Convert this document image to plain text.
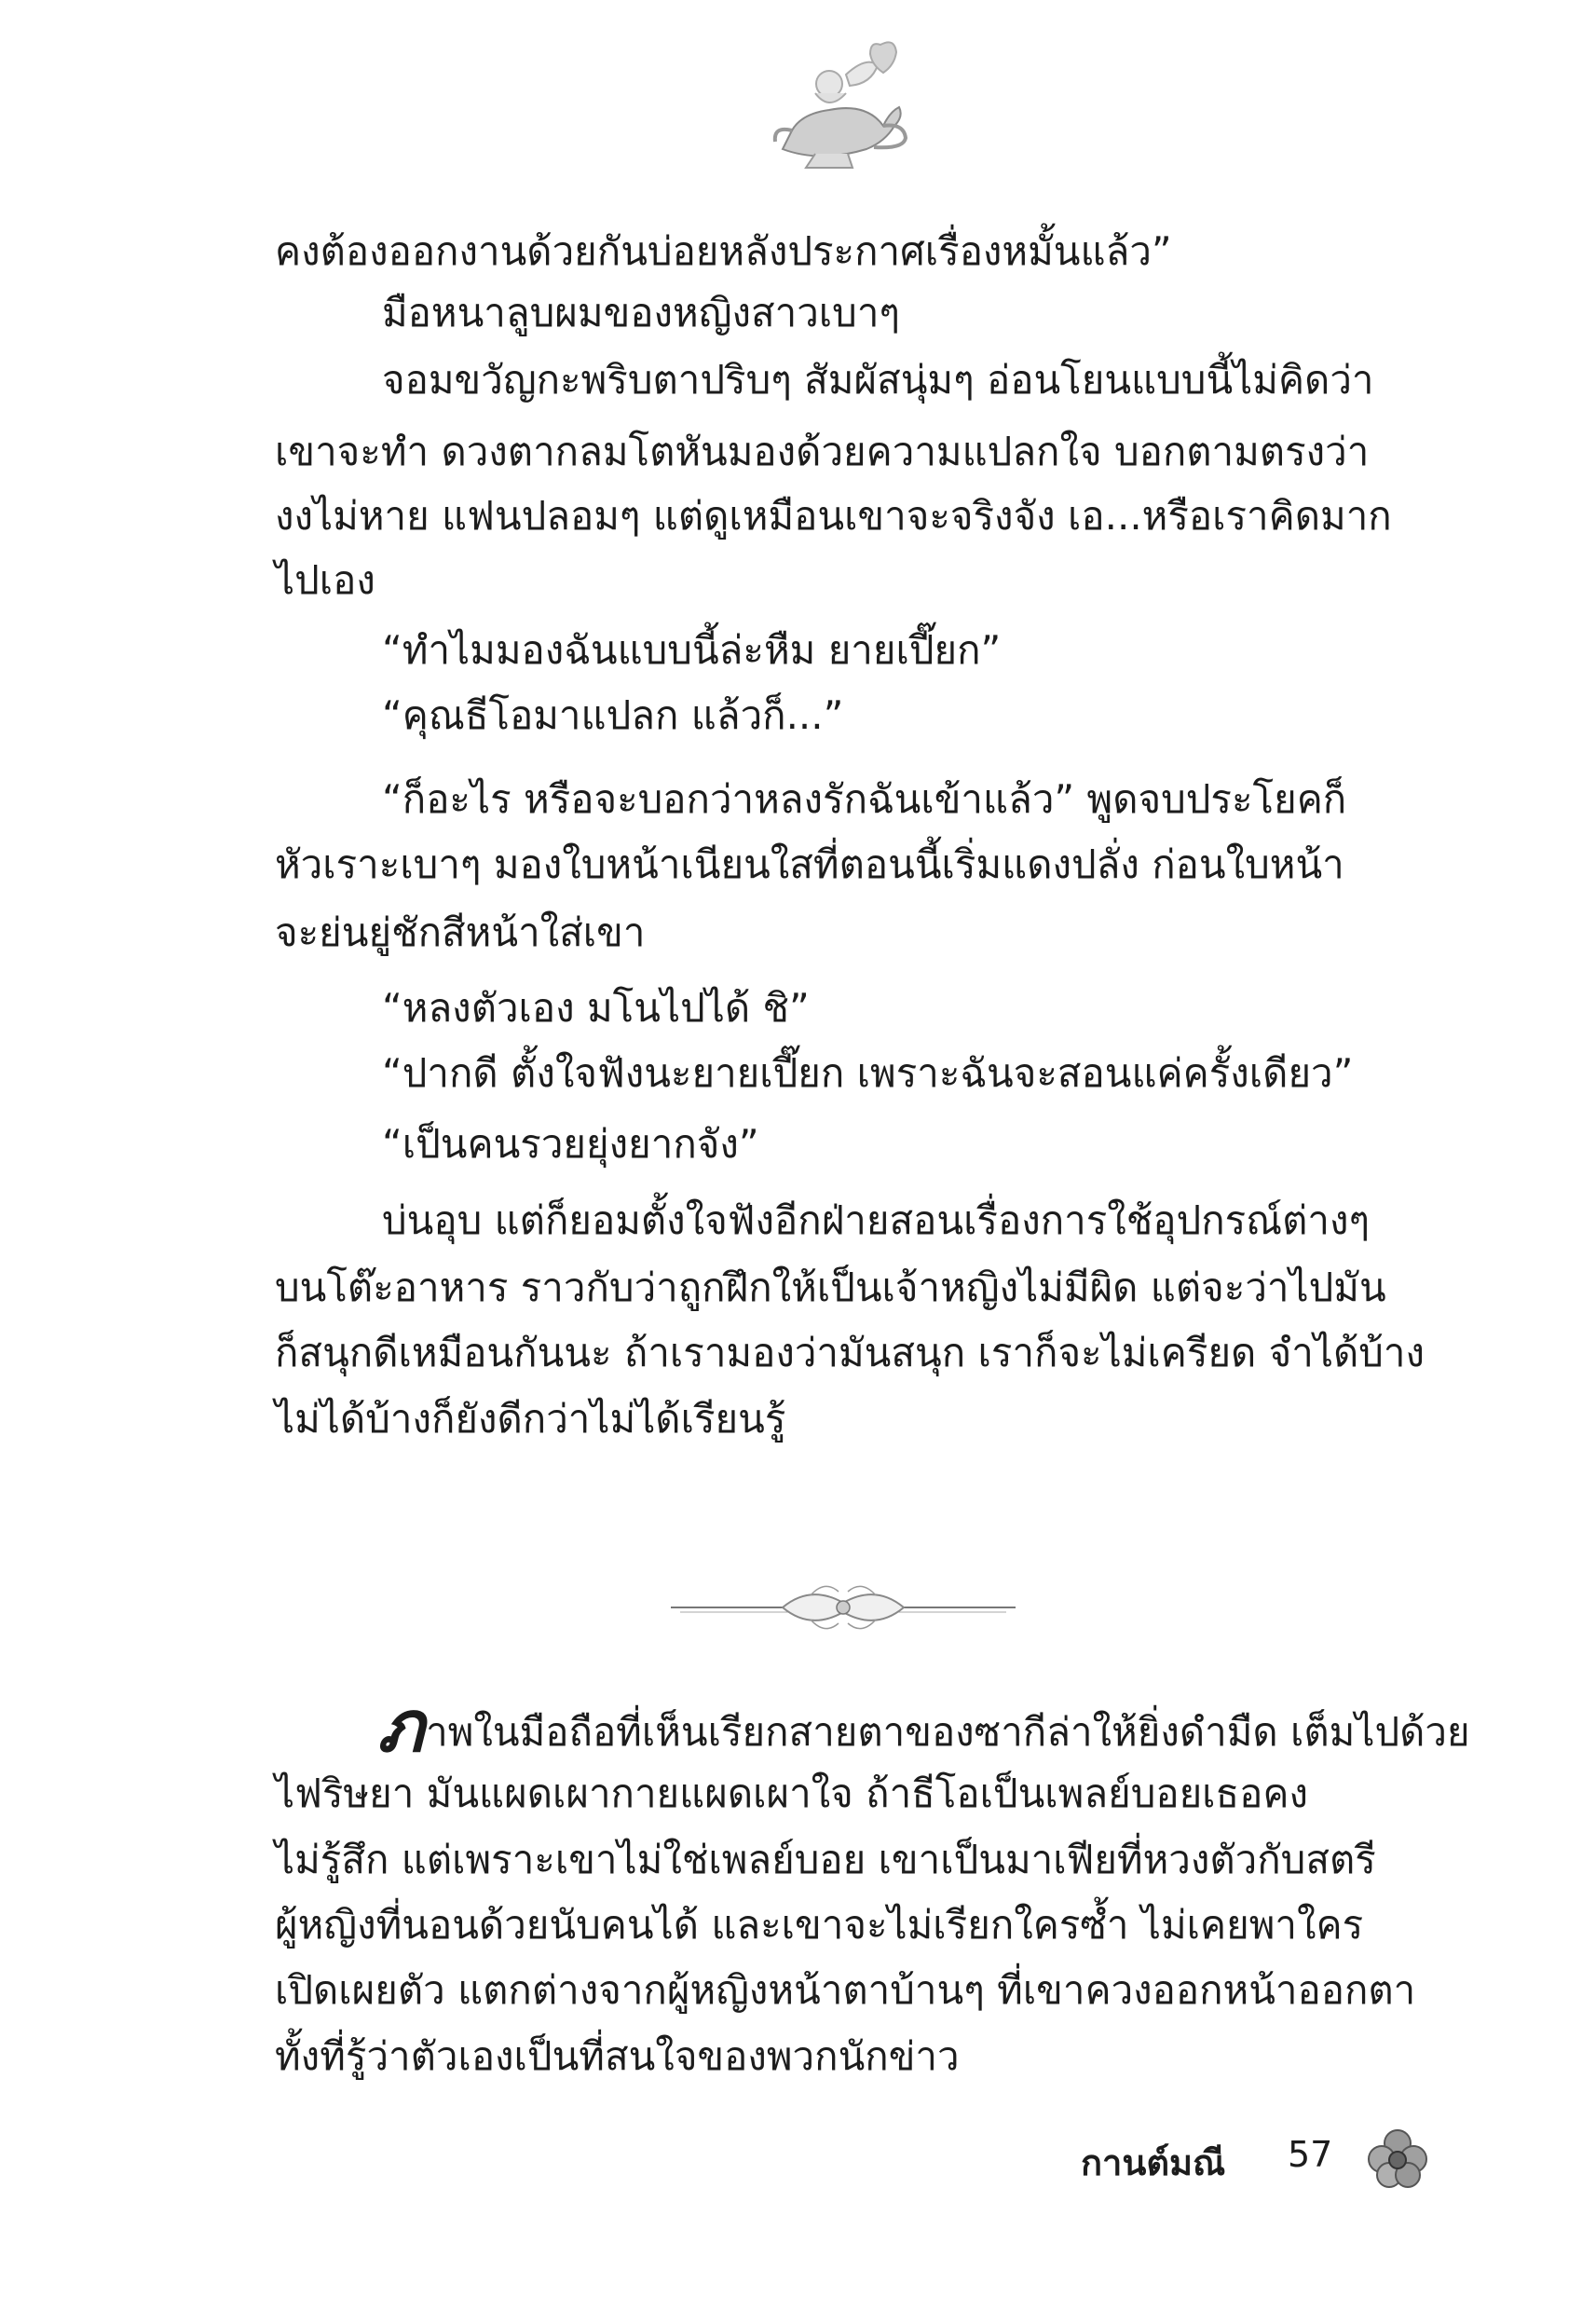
คงต้องออกงานด้วยกันบ่อยหลังประกาศเรื่องหมั้นแล้ว”
มือหนาลูบผมของหญิงสาวเบาๆ
จอมขวัญกะพริบตาปริบๆ สัมผัสนุ่มๆ อ่อนโยนแบบนี้ไม่คิดว่า
เขาจะทำ ดวงตากลมโตหันมองด้วยความแปลกใจ บอกตามตรงว่า
งงไม่หาย แฟนปลอมๆ แต่ดูเหมือนเขาจะจริงจัง เอ...หรือเราคิดมาก
ไปเอง
“ทำไมมองฉันแบบนี้ล่ะหืม ยายเปี๊ยก”
“คุณธีโอมาแปลก แล้วก็...”
“ก็อะไร หรือจะบอกว่าหลงรักฉันเข้าแล้ว” พูดจบประโยคก็
หัวเราะเบาๆ มองใบหน้าเนียนใสที่ตอนนี้เริ่มแดงปลั่ง ก่อนใบหน้า
จะย่นยู่ชักสีหน้าใส่เขา
“หลงตัวเอง มโนไปได้ ชิ”
“ปากดี ตั้งใจฟังนะยายเปี๊ยก เพราะฉันจะสอนแค่ครั้งเดียว”
“เป็นคนรวยยุ่งยากจัง”
บ่นอุบ แต่ก็ยอมตั้งใจฟังอีกฝ่ายสอนเรื่องการใช้อุปกรณ์ต่างๆ
บนโต๊ะอาหาร ราวกับว่าถูกฝึกให้เป็นเจ้าหญิงไม่มีผิด แต่จะว่าไปมัน
ก็สนุกดีเหมือนกันนะ ถ้าเรามองว่ามันสนุก เราก็จะไม่เครียด จำได้บ้าง
ไม่ได้บ้างก็ยังดีกว่าไม่ได้เรียนรู้
ภาพในมือถือที่เห็นเรียกสายตาของซากีล่าให้ยิ่งดำมืด เต็มไปด้วย
ไฟริษยา มันแผดเผากายแผดเผาใจ ถ้าธีโอเป็นเพลย์บอยเธอคง
ไม่รู้สึก แต่เพราะเขาไม่ใช่เพลย์บอย เขาเป็นมาเฟียที่หวงตัวกับสตรี
ผู้หญิงที่นอนด้วยนับคนได้ และเขาจะไม่เรียกใครซ้ำ ไม่เคยพาใคร
เปิดเผยตัว แตกต่างจากผู้หญิงหน้าตาบ้านๆ ที่เขาควงออกหน้าออกตา
ทั้งที่รู้ว่าตัวเองเป็นที่สนใจของพวกนักข่าว
กานต์มณี 57
